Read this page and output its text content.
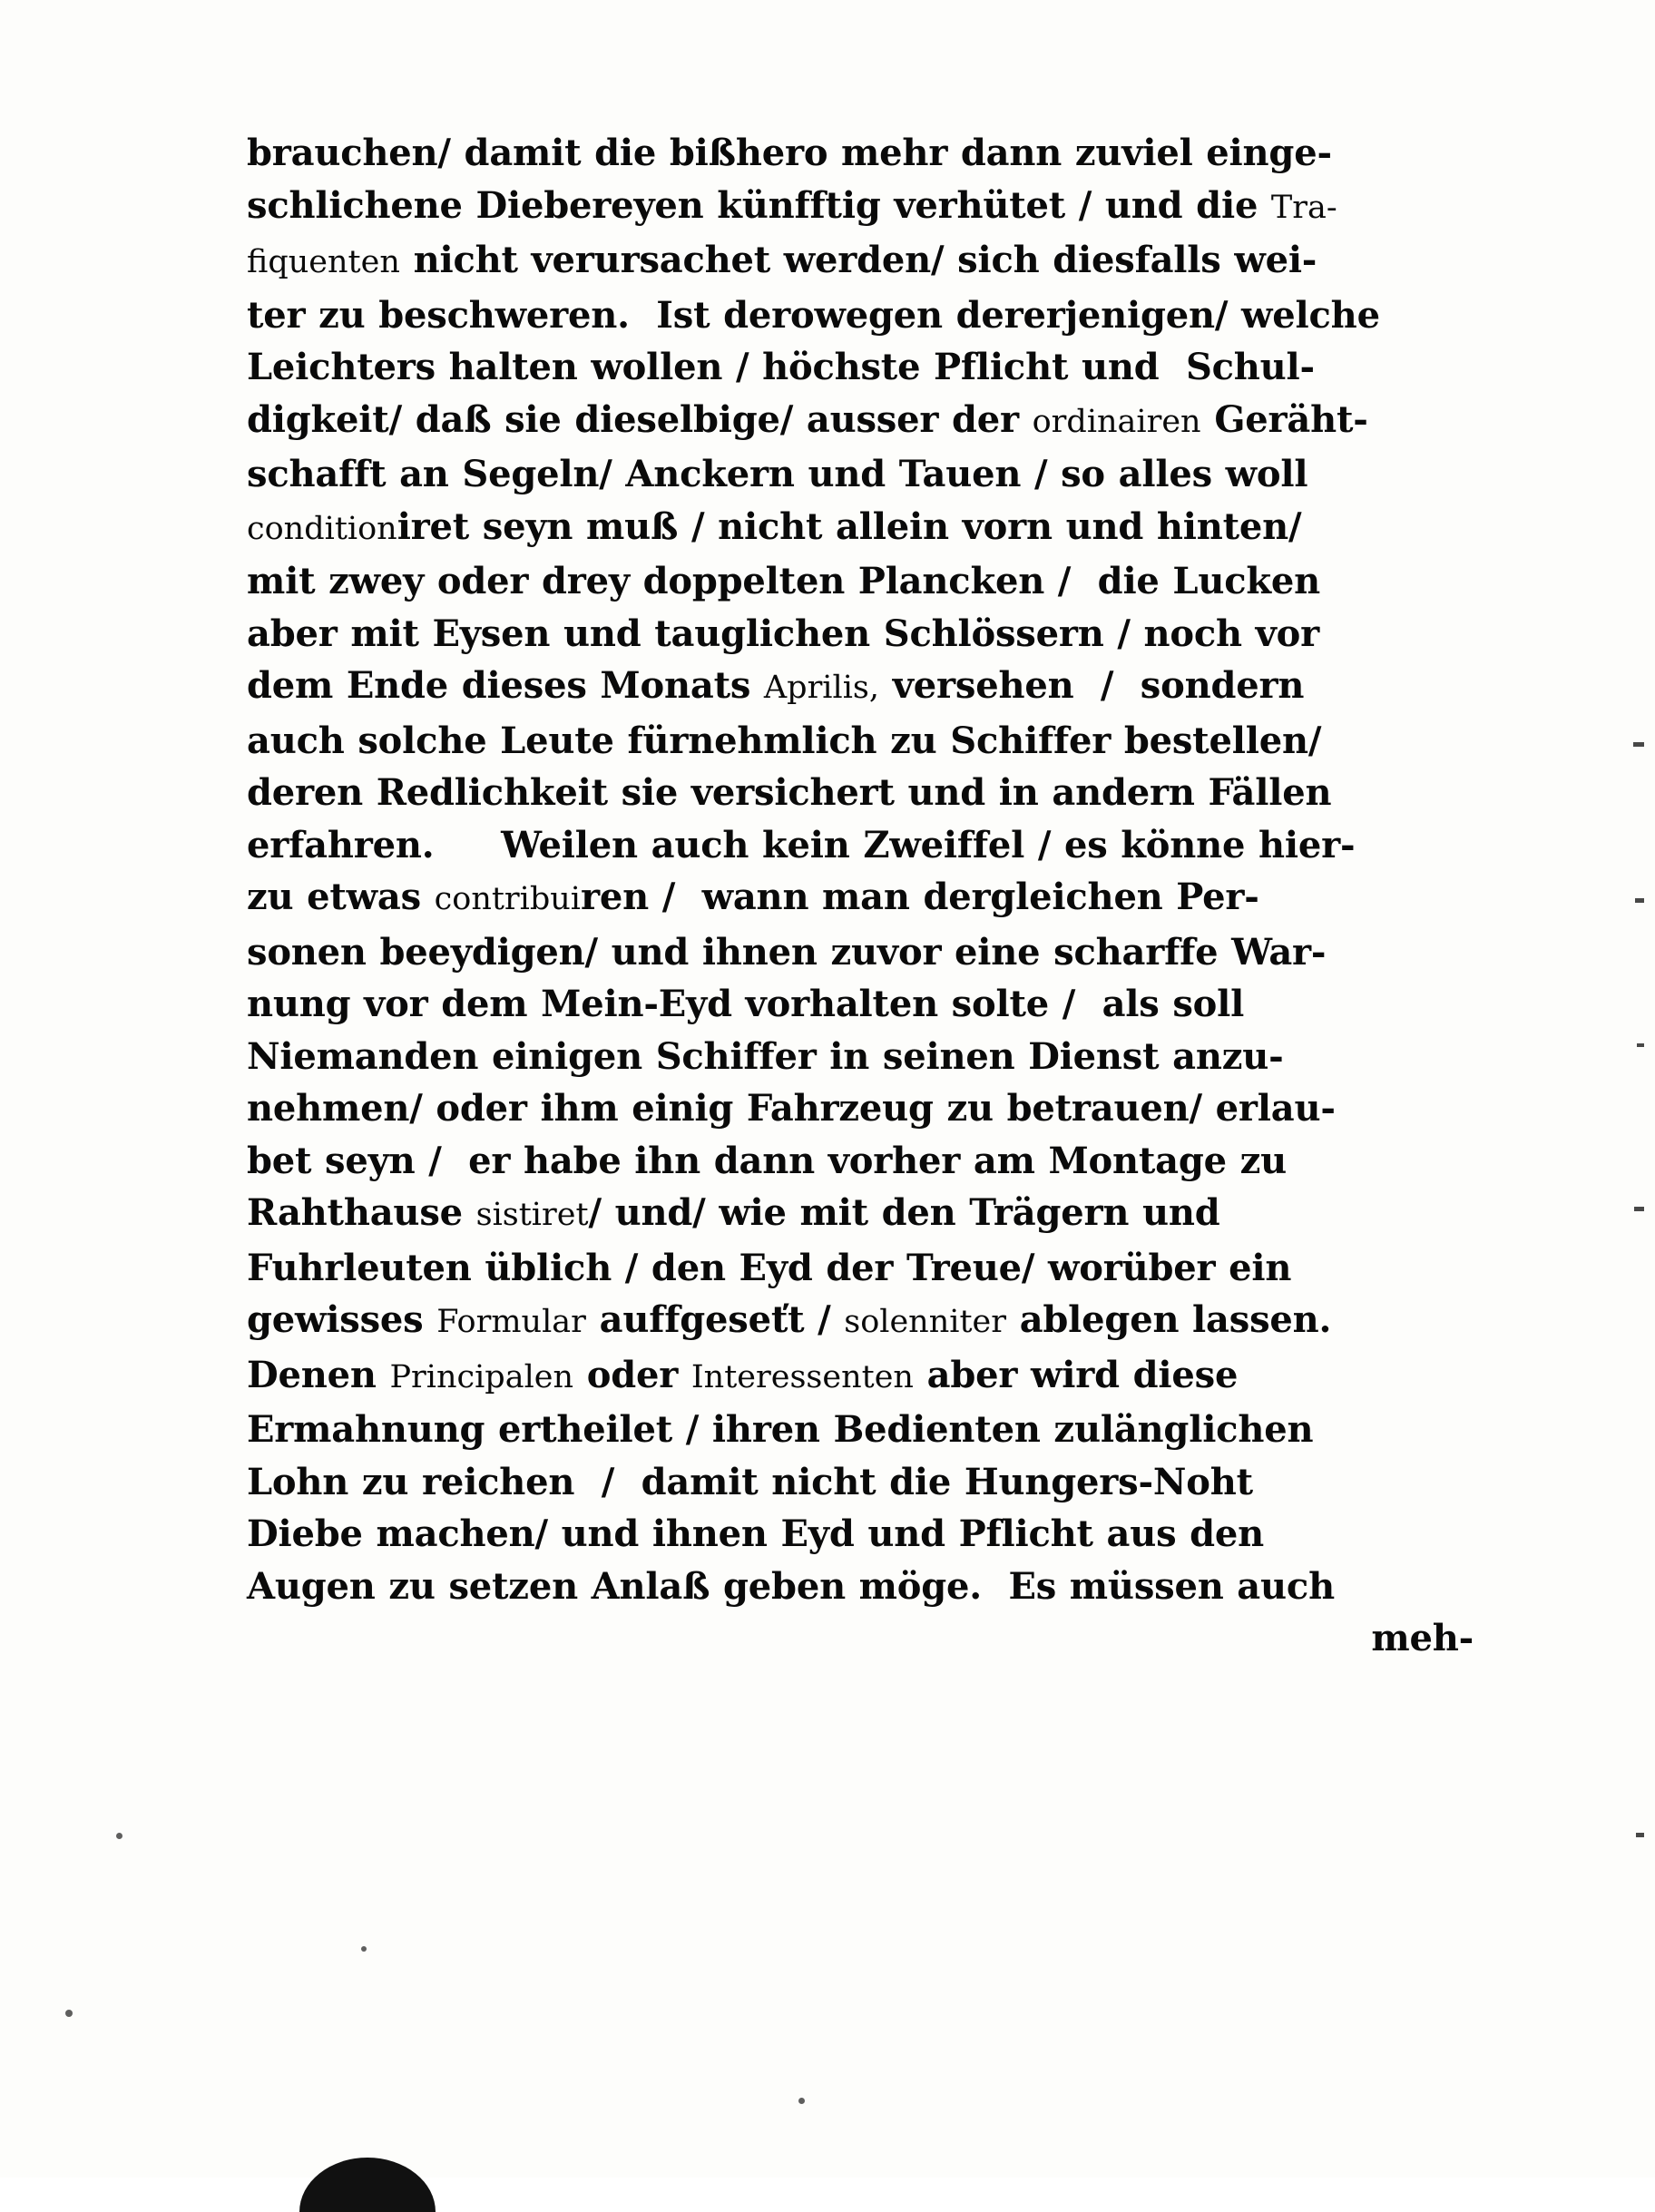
brauchen/ damit die bißhero mehr dann zuviel einge‐
schlichene Diebereyen künfftig verhütet / und die Tra-
fiquenten nicht verursachet werden/ sich diesfalls wei‐
ter zu beschweren.  Ist derowegen dererjenigen/ welche
Leichters halten wollen / höchste Pflicht und  Schul‐
digkeit/ daß sie dieselbige/ ausser der ordinairen Geräht‐
schafft an Segeln/ Anckern und Tauen / so alles woll
conditioniret seyn muß / nicht allein vorn und hinten/
mit zwey oder drey doppelten Plancken /  die Lucken
aber mit Eysen und tauglichen Schlössern / noch vor
dem Ende dieses Monats Aprilis, versehen  /  sondern
auch solche Leute fürnehmlich zu Schiffer bestellen/
deren Redlichkeit sie versichert und in andern Fällen
erfahren.     Weilen auch kein Zweiffel / es könne hier‐
zu etwas contribuiren /  wann man dergleichen Per‐
sonen beeydigen/ und ihnen zuvor eine scharffe War‐
nung vor dem Mein‐Eyd vorhalten solte /  als soll
Niemanden einigen Schiffer in seinen Dienst anzu‐
nehmen/ oder ihm einig Fahrzeug zu betrauen/ erlau‐
bet seyn /  er habe ihn dann vorher am Montage zu
Rahthause sistiret/ und/ wie mit den Trägern und
Fuhrleuten üblich / den Eyd der Treue/ worüber ein
gewisses Formular auffgeseťt / solenniter ablegen lassen.
Denen Principalen oder Interessenten aber wird diese
Ermahnung ertheilet / ihren Bedienten zulänglichen
Lohn zu reichen  /  damit nicht die Hungers‐Noht
Diebe machen/ und ihnen Eyd und Pflicht aus den
Augen zu setzen Anlaß geben möge.  Es müssen auch
meh‐
